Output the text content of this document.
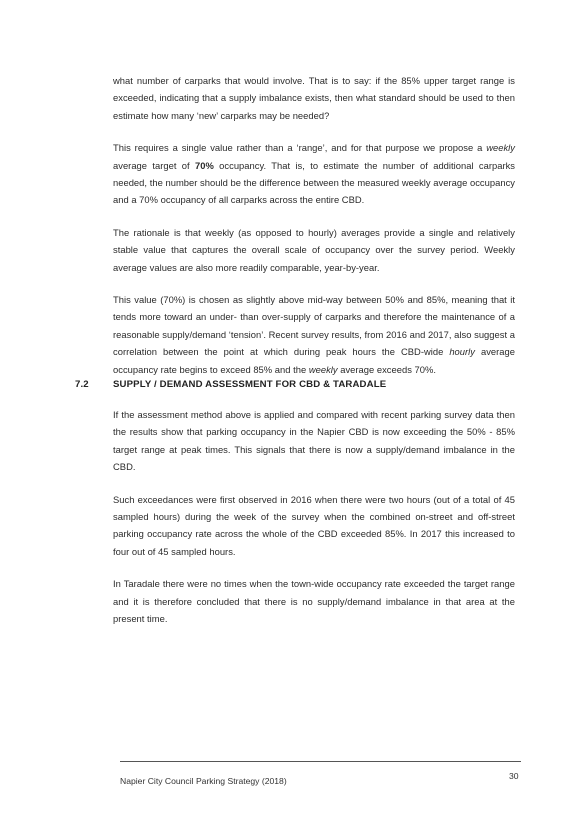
what number of carparks that would involve. That is to say: if the 85% upper target range is exceeded, indicating that a supply imbalance exists, then what standard should be used to then estimate how many ‘new’ carparks may be needed?

This requires a single value rather than a ‘range’, and for that purpose we propose a weekly average target of 70% occupancy. That is, to estimate the number of additional carparks needed, the number should be the difference between the measured weekly average occupancy and a 70% occupancy of all carparks across the entire CBD.

The rationale is that weekly (as opposed to hourly) averages provide a single and relatively stable value that captures the overall scale of occupancy over the survey period. Weekly average values are also more readily comparable, year-by-year.

This value (70%) is chosen as slightly above mid-way between 50% and 85%, meaning that it tends more toward an under- than over-supply of carparks and therefore the maintenance of a reasonable supply/demand ‘tension’. Recent survey results, from 2016 and 2017, also suggest a correlation between the point at which during peak hours the CBD-wide hourly average occupancy rate begins to exceed 85% and the weekly average exceeds 70%.

7.2	SUPPLY / DEMAND ASSESSMENT FOR CBD & TARADALE

If the assessment method above is applied and compared with recent parking survey data then the results show that parking occupancy in the Napier CBD is now exceeding the 50% - 85% target range at peak times. This signals that there is now a supply/demand imbalance in the CBD.

Such exceedances were first observed in 2016 when there were two hours (out of a total of 45 sampled hours) during the week of the survey when the combined on-street and off-street parking occupancy rate across the whole of the CBD exceeded 85%. In 2017 this increased to four out of 45 sampled hours.

In Taradale there were no times when the town-wide occupancy rate exceeded the target range and it is therefore concluded that there is no supply/demand imbalance in that area at the present time.

Napier City Council Parking Strategy (2018)	30
